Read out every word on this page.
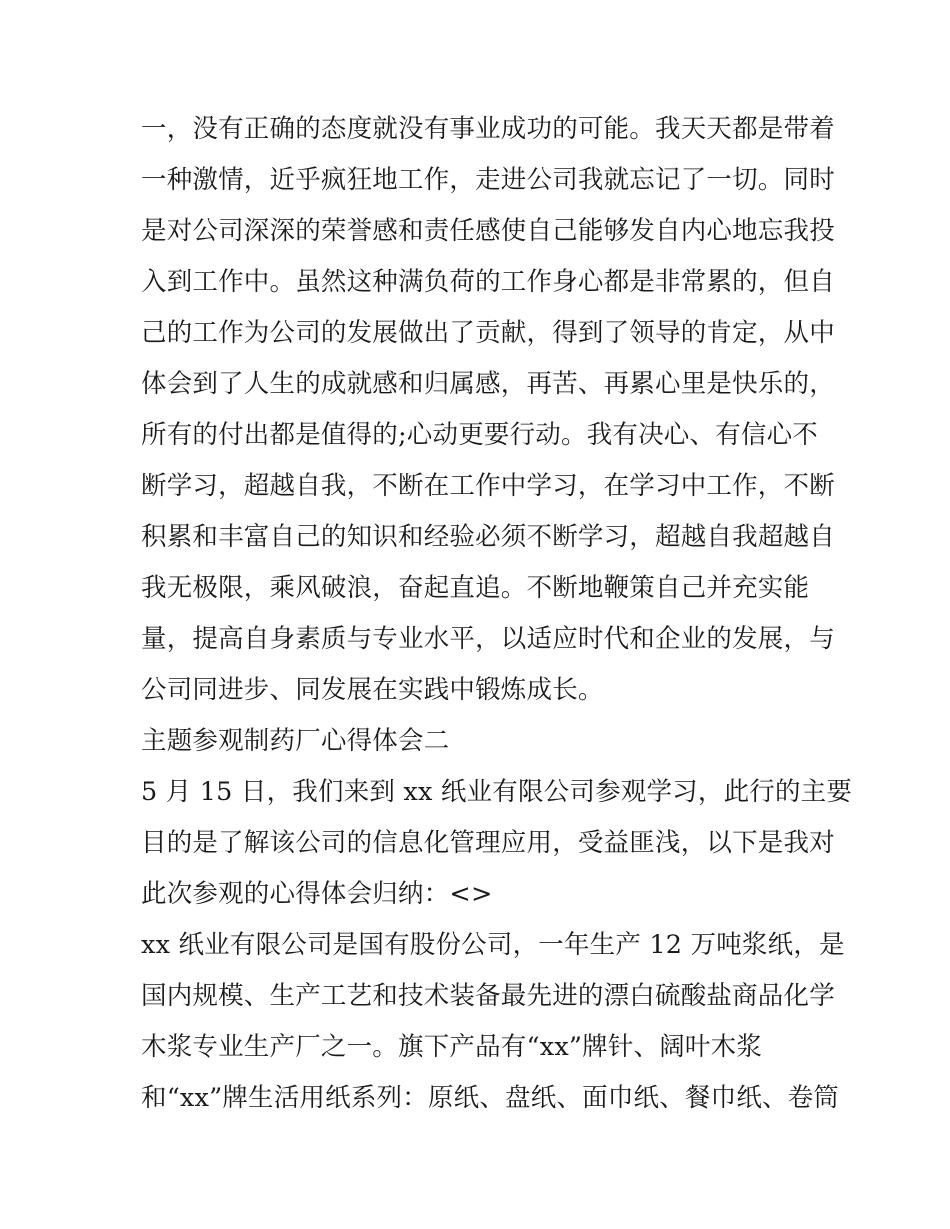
一，没有正确的态度就没有事业成功的可能。我天天都是带着
一种激情，近乎疯狂地工作，走进公司我就忘记了一切。同时
是对公司深深的荣誉感和责任感使自己能够发自内心地忘我投
入到工作中。虽然这种满负荷的工作身心都是非常累的，但自
己的工作为公司的发展做出了贡献，得到了领导的肯定，从中
体会到了人生的成就感和归属感，再苦、再累心里是快乐的，
所有的付出都是值得的;心动更要行动。我有决心、有信心不
断学习，超越自我，不断在工作中学习，在学习中工作，不断
积累和丰富自己的知识和经验必须不断学习，超越自我超越自
我无极限，乘风破浪，奋起直追。不断地鞭策自己并充实能
量，提高自身素质与专业水平，以适应时代和企业的发展，与
公司同进步、同发展在实践中锻炼成长。
主题参观制药厂心得体会二
5 月 15 日，我们来到 xx 纸业有限公司参观学习，此行的主要
目的是了解该公司的信息化管理应用，受益匪浅，以下是我对
此次参观的心得体会归纳：<>
xx 纸业有限公司是国有股份公司，一年生产 12 万吨浆纸，是
国内规模、生产工艺和技术装备最先进的漂白硫酸盐商品化学
木浆专业生产厂之一。旗下产品有“xx”牌针、阔叶木浆
和“xx”牌生活用纸系列：原纸、盘纸、面巾纸、餐巾纸、卷筒
